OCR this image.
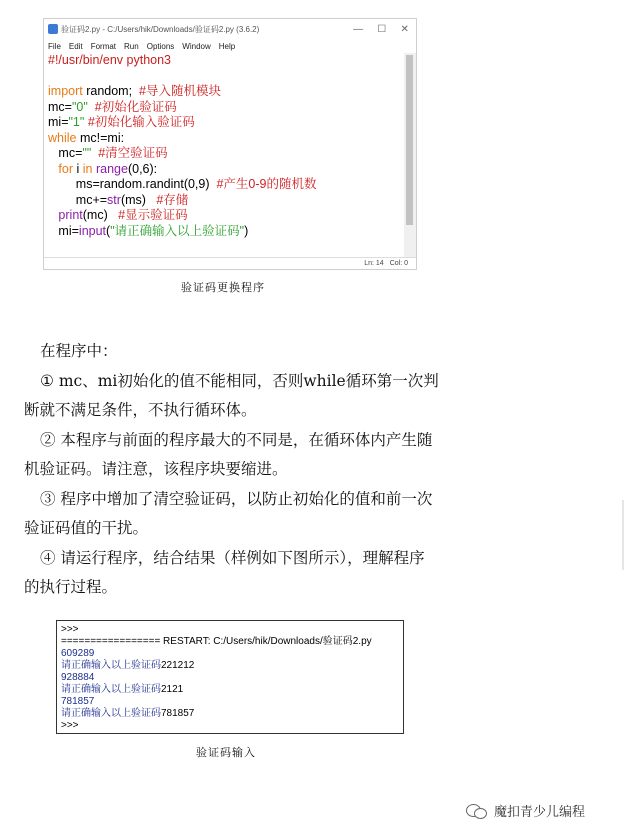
验证码2.py - C:/Users/hik/Downloads/验证码2.py (3.6.2)	— ☐ ✕
File Edit Format Run Options Window Help
#!/usr/bin/env python3
import random;  #导入随机模块
mc="0" #初始化验证码
mi="1" #初始化输入验证码
while mc!=mi:
mc="" #清空验证码
for i in range(0,6):
ms=random.randint(0,9)  #产生0-9的随机数
mc+=str(ms)   #存储
print(mc)   #显示验证码
mi=input("请正确输入以上验证码")
Ln: 14 Col: 0
验证码更换程序

在程序中：

① mc、mi初始化的值不能相同，否则while循环第一次判

断就不满足条件，不执行循环体。

② 本程序与前面的程序最大的不同是，在循环体内产生随

机验证码。请注意，该程序块要缩进。

③ 程序中增加了清空验证码，以防止初始化的值和前一次

验证码值的干扰。

④ 请运行程序，结合结果（样例如下图所示），理解程序

的执行过程。

>>>
================= RESTART: C:/Users/hik/Downloads/验证码2.py
609289
请正确输入以上验证码221212
928884
请正确输入以上验证码2121
781857
请正确输入以上验证码781857
>>>
验证码输入
魔扣青少儿编程
